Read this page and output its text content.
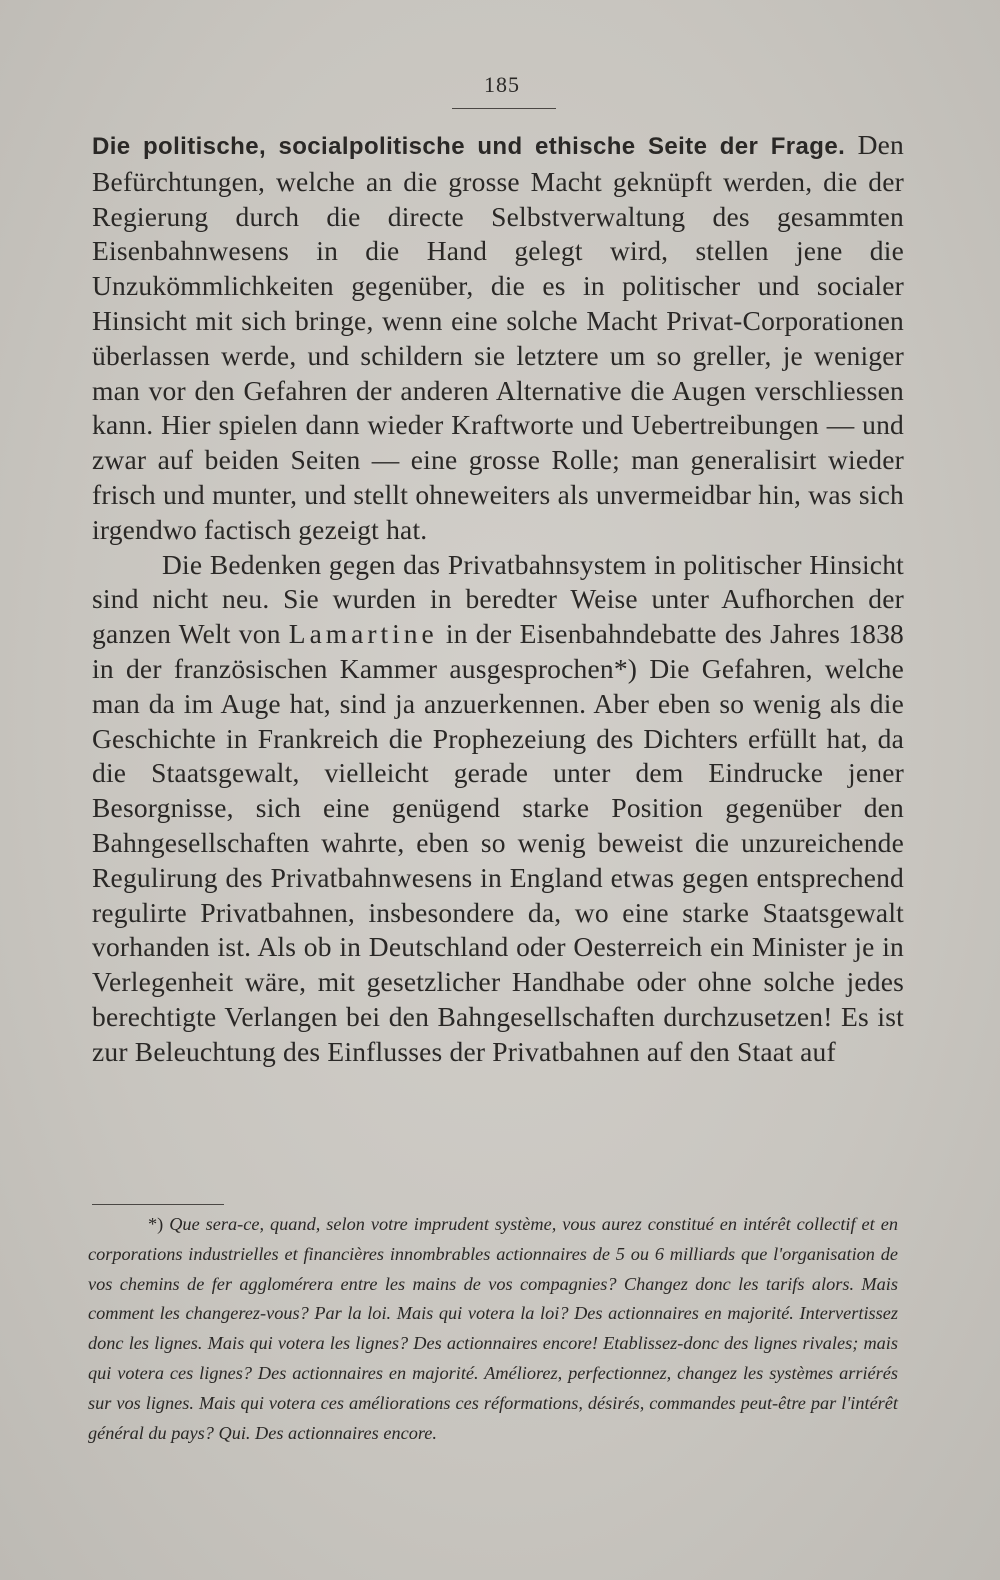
185

Die politische, socialpolitische und ethische Seite der Frage. Den Befürchtungen, welche an die grosse Macht geknüpft werden, die der Regierung durch die directe Selbstverwaltung des gesammten Eisenbahnwesens in die Hand gelegt wird, stellen jene die Unzukömmlichkeiten gegenüber, die es in politischer und socialer Hinsicht mit sich bringe, wenn eine solche Macht Privat-Corporationen überlassen werde, und schildern sie letztere um so greller, je weniger man vor den Gefahren der anderen Alternative die Augen verschliessen kann. Hier spielen dann wieder Kraftworte und Uebertreibungen — und zwar auf beiden Seiten — eine grosse Rolle; man generalisirt wieder frisch und munter, und stellt ohneweiters als unvermeidbar hin, was sich irgendwo factisch gezeigt hat.

Die Bedenken gegen das Privatbahnsystem in politischer Hinsicht sind nicht neu. Sie wurden in beredter Weise unter Aufhorchen der ganzen Welt von Lamartine in der Eisenbahndebatte des Jahres 1838 in der französischen Kammer ausgesprochen*) Die Gefahren, welche man da im Auge hat, sind ja anzuerkennen. Aber eben so wenig als die Geschichte in Frankreich die Prophezeiung des Dichters erfüllt hat, da die Staatsgewalt, vielleicht gerade unter dem Eindrucke jener Besorgnisse, sich eine genügend starke Position gegenüber den Bahngesellschaften wahrte, eben so wenig beweist die unzureichende Regulirung des Privatbahnwesens in England etwas gegen entsprechend regulirte Privatbahnen, insbesondere da, wo eine starke Staatsgewalt vorhanden ist. Als ob in Deutschland oder Oesterreich ein Minister je in Verlegenheit wäre, mit gesetzlicher Handhabe oder ohne solche jedes berechtigte Verlangen bei den Bahngesellschaften durchzusetzen! Es ist zur Beleuchtung des Einflusses der Privatbahnen auf den Staat auf

*) Que sera-ce, quand, selon votre imprudent système, vous aurez constitué en intérêt collectif et en corporations industrielles et financières innombrables actionnaires de 5 ou 6 milliards que l'organisation de vos chemins de fer agglomérera entre les mains de vos compagnies? Changez donc les tarifs alors. Mais comment les changerez-vous? Par la loi. Mais qui votera la loi? Des actionnaires en majorité. Intervertissez donc les lignes. Mais qui votera les lignes? Des actionnaires encore! Etablissez-donc des lignes rivales; mais qui votera ces lignes? Des actionnaires en majorité. Améliorez, perfectionnez, changez les systèmes arriérés sur vos lignes. Mais qui votera ces améliorations ces réformations, désirés, commandes peut-être par l'intérêt général du pays? Qui. Des actionnaires encore.
